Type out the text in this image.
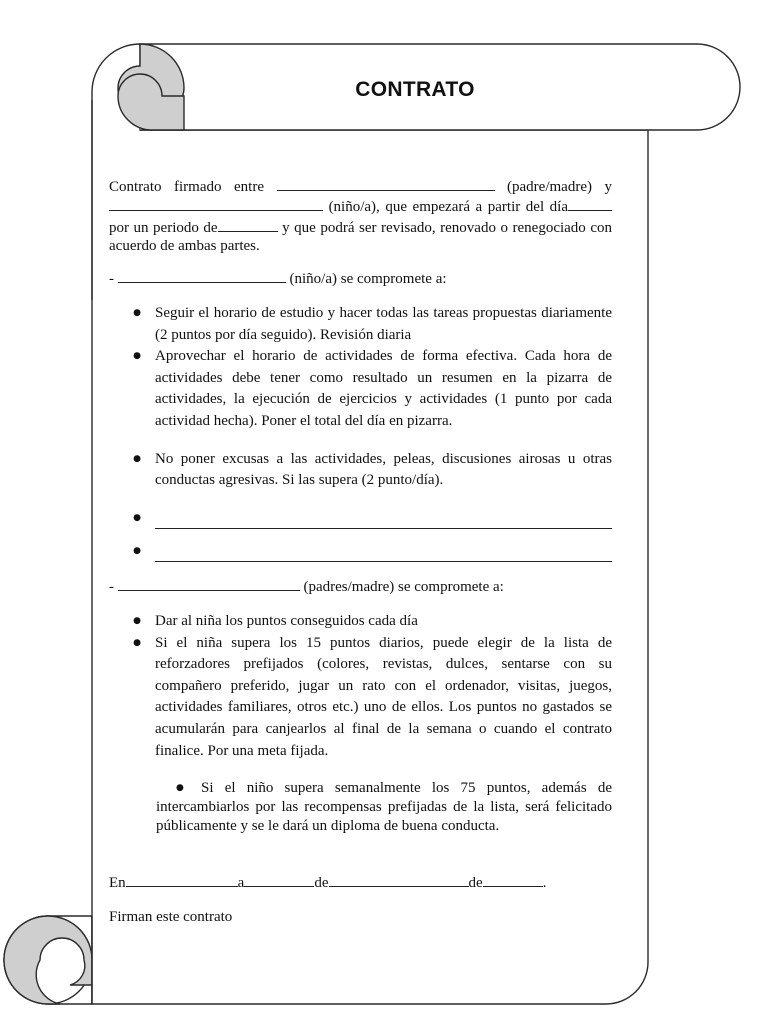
CONTRATO
Contrato firmado entre	(padre/madre) y (niño/a), que empezará a partir del día por un periodo de	y que podrá ser revisado, renovado o renegociado con acuerdo de ambas partes.
-	(niño/a) se compromete a:
● Seguir el horario de estudio y hacer todas las tareas propuestas diariamente (2 puntos por día seguido). Revisión diaria
● Aprovechar el horario de actividades de forma efectiva. Cada hora de actividades debe tener como resultado un resumen en la pizarra de actividades, la ejecución de ejercicios y actividades (1 punto por cada actividad hecha). Poner el total del día en pizarra.
● No poner excusas a las actividades, peleas, discusiones airosas u otras conductas agresivas. Si las supera (2 punto/día).
●
●
-	(padres/madre) se compromete a:
● Dar al niña los puntos conseguidos cada día
● Si el niña supera los 15 puntos diarios, puede elegir de la lista de reforzadores prefijados (colores, revistas, dulces, sentarse con su compañero preferido, jugar un rato con el ordenador, visitas, juegos, actividades familiares, otros etc.) uno de ellos. Los puntos no gastados se acumularán para canjearlos al final de la semana o cuando el contrato finalice. Por una meta fijada.
● Si el niño supera semanalmente los 75 puntos, además de intercambiarlos por las recompensas prefijadas de la lista, será felicitado públicamente y se le dará un diploma de buena conducta.
En	a	de	de	.
Firman este contrato
